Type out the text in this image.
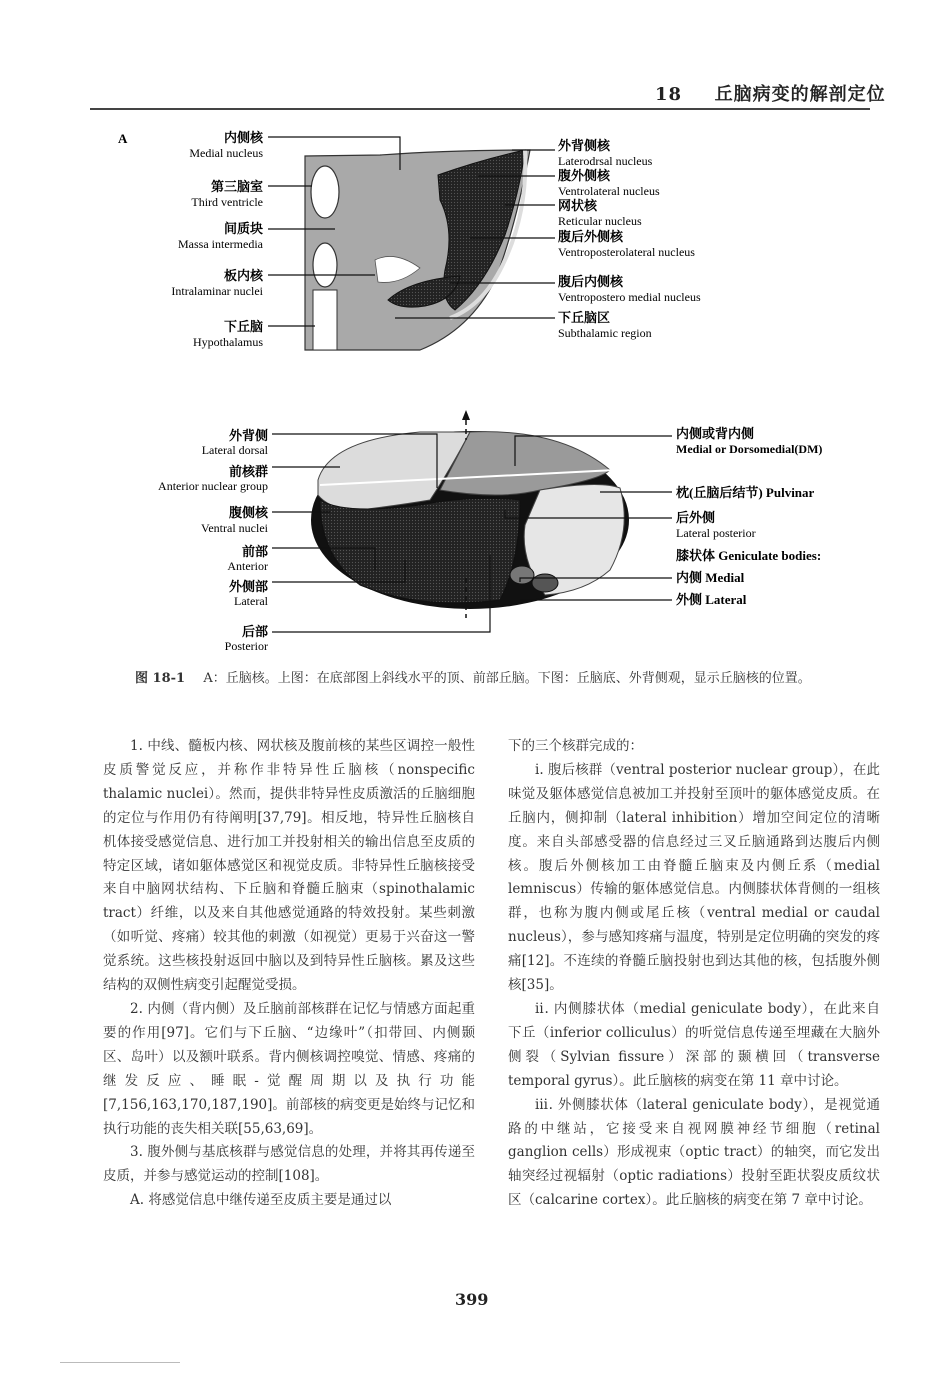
18 丘脑病变的解剖定位
A	内侧核
Medial nucleus
第三脑室
Third ventricle
间质块
Massa intermedia
板内核
Intralaminar nuclei
下丘脑
Hypothalamus
外背侧核
Laterodrsal nucleus
腹外侧核
Ventrolateral nucleus
网状核
Reticular nucleus
腹后外侧核
Ventroposterolateral nucleus
腹后内侧核
Ventropostero medial nucleus
下丘脑区
Subthalamic region
外背侧
Lateral dorsal
前核群
Anterior nuclear group
腹侧核
Ventral nuclei
前部
Anterior
外侧部
Lateral
后部
Posterior
内侧或背内侧
Medial or Dorsomedial(DM)
枕(丘脑后结节) Pulvinar
后外侧
Lateral posterior
膝状体 Geniculate bodies:
内侧 Medial
外侧 Lateral
图 18-1 A：丘脑核。上图：在底部图上斜线水平的顶、前部丘脑。下图：丘脑底、外背侧观，显示丘脑核的位置。

1. 中线、髓板内核、网状核及腹前核的某些区调控一般性皮质警觉反应，并称作非特异性丘脑核（nonspecific thalamic nuclei）。然而，提供非特异性皮质激活的丘脑细胞的定位与作用仍有待阐明[37,79]。相反地，特异性丘脑核自机体接受感觉信息、进行加工并投射相关的输出信息至皮质的特定区域，诸如躯体感觉区和视觉皮质。非特异性丘脑核接受来自中脑网状结构、下丘脑和脊髓丘脑束（spinothalamic tract）纤维，以及来自其他感觉通路的特效投射。某些刺激（如听觉、疼痛）较其他的刺激（如视觉）更易于兴奋这一警觉系统。这些核投射返回中脑以及到特异性丘脑核。累及这些结构的双侧性病变引起醒觉受损。

2. 内侧（背内侧）及丘脑前部核群在记忆与情感方面起重要的作用[97]。它们与下丘脑、“边缘叶”（扣带回、内侧颞区、岛叶）以及额叶联系。背内侧核调控嗅觉、情感、疼痛的继发反应、睡眠-觉醒周期以及执行功能[7,156,163,170,187,190]。前部核的病变更是始终与记忆和执行功能的丧失相关联[55,63,69]。

3. 腹外侧与基底核群与感觉信息的处理，并将其再传递至皮质，并参与感觉运动的控制[108]。

A. 将感觉信息中继传递至皮质主要是通过以

下的三个核群完成的：

ⅰ. 腹后核群（ventral posterior nuclear group），在此味觉及躯体感觉信息被加工并投射至顶叶的躯体感觉皮质。在丘脑内，侧抑制（lateral inhibition）增加空间定位的清晰度。来自头部感受器的信息经过三叉丘脑通路到达腹后内侧核。腹后外侧核加工由脊髓丘脑束及内侧丘系（medial lemniscus）传输的躯体感觉信息。内侧膝状体背侧的一组核群，也称为腹内侧或尾丘核（ventral medial or caudal nucleus），参与感知疼痛与温度，特别是定位明确的突发的疼痛[12]。不连续的脊髓丘脑投射也到达其他的核，包括腹外侧核[35]。

ⅱ. 内侧膝状体（medial geniculate body），在此来自下丘（inferior colliculus）的听觉信息传递至埋藏在大脑外侧裂（Sylvian fissure）深部的颞横回（transverse temporal gyrus）。此丘脑核的病变在第 11 章中讨论。

ⅲ. 外侧膝状体（lateral geniculate body），是视觉通路的中继站，它接受来自视网膜神经节细胞（retinal ganglion cells）形成视束（optic tract）的轴突，而它发出轴突经过视辐射（optic radiations）投射至距状裂皮质纹状区（calcarine cortex）。此丘脑核的病变在第 7 章中讨论。

399
